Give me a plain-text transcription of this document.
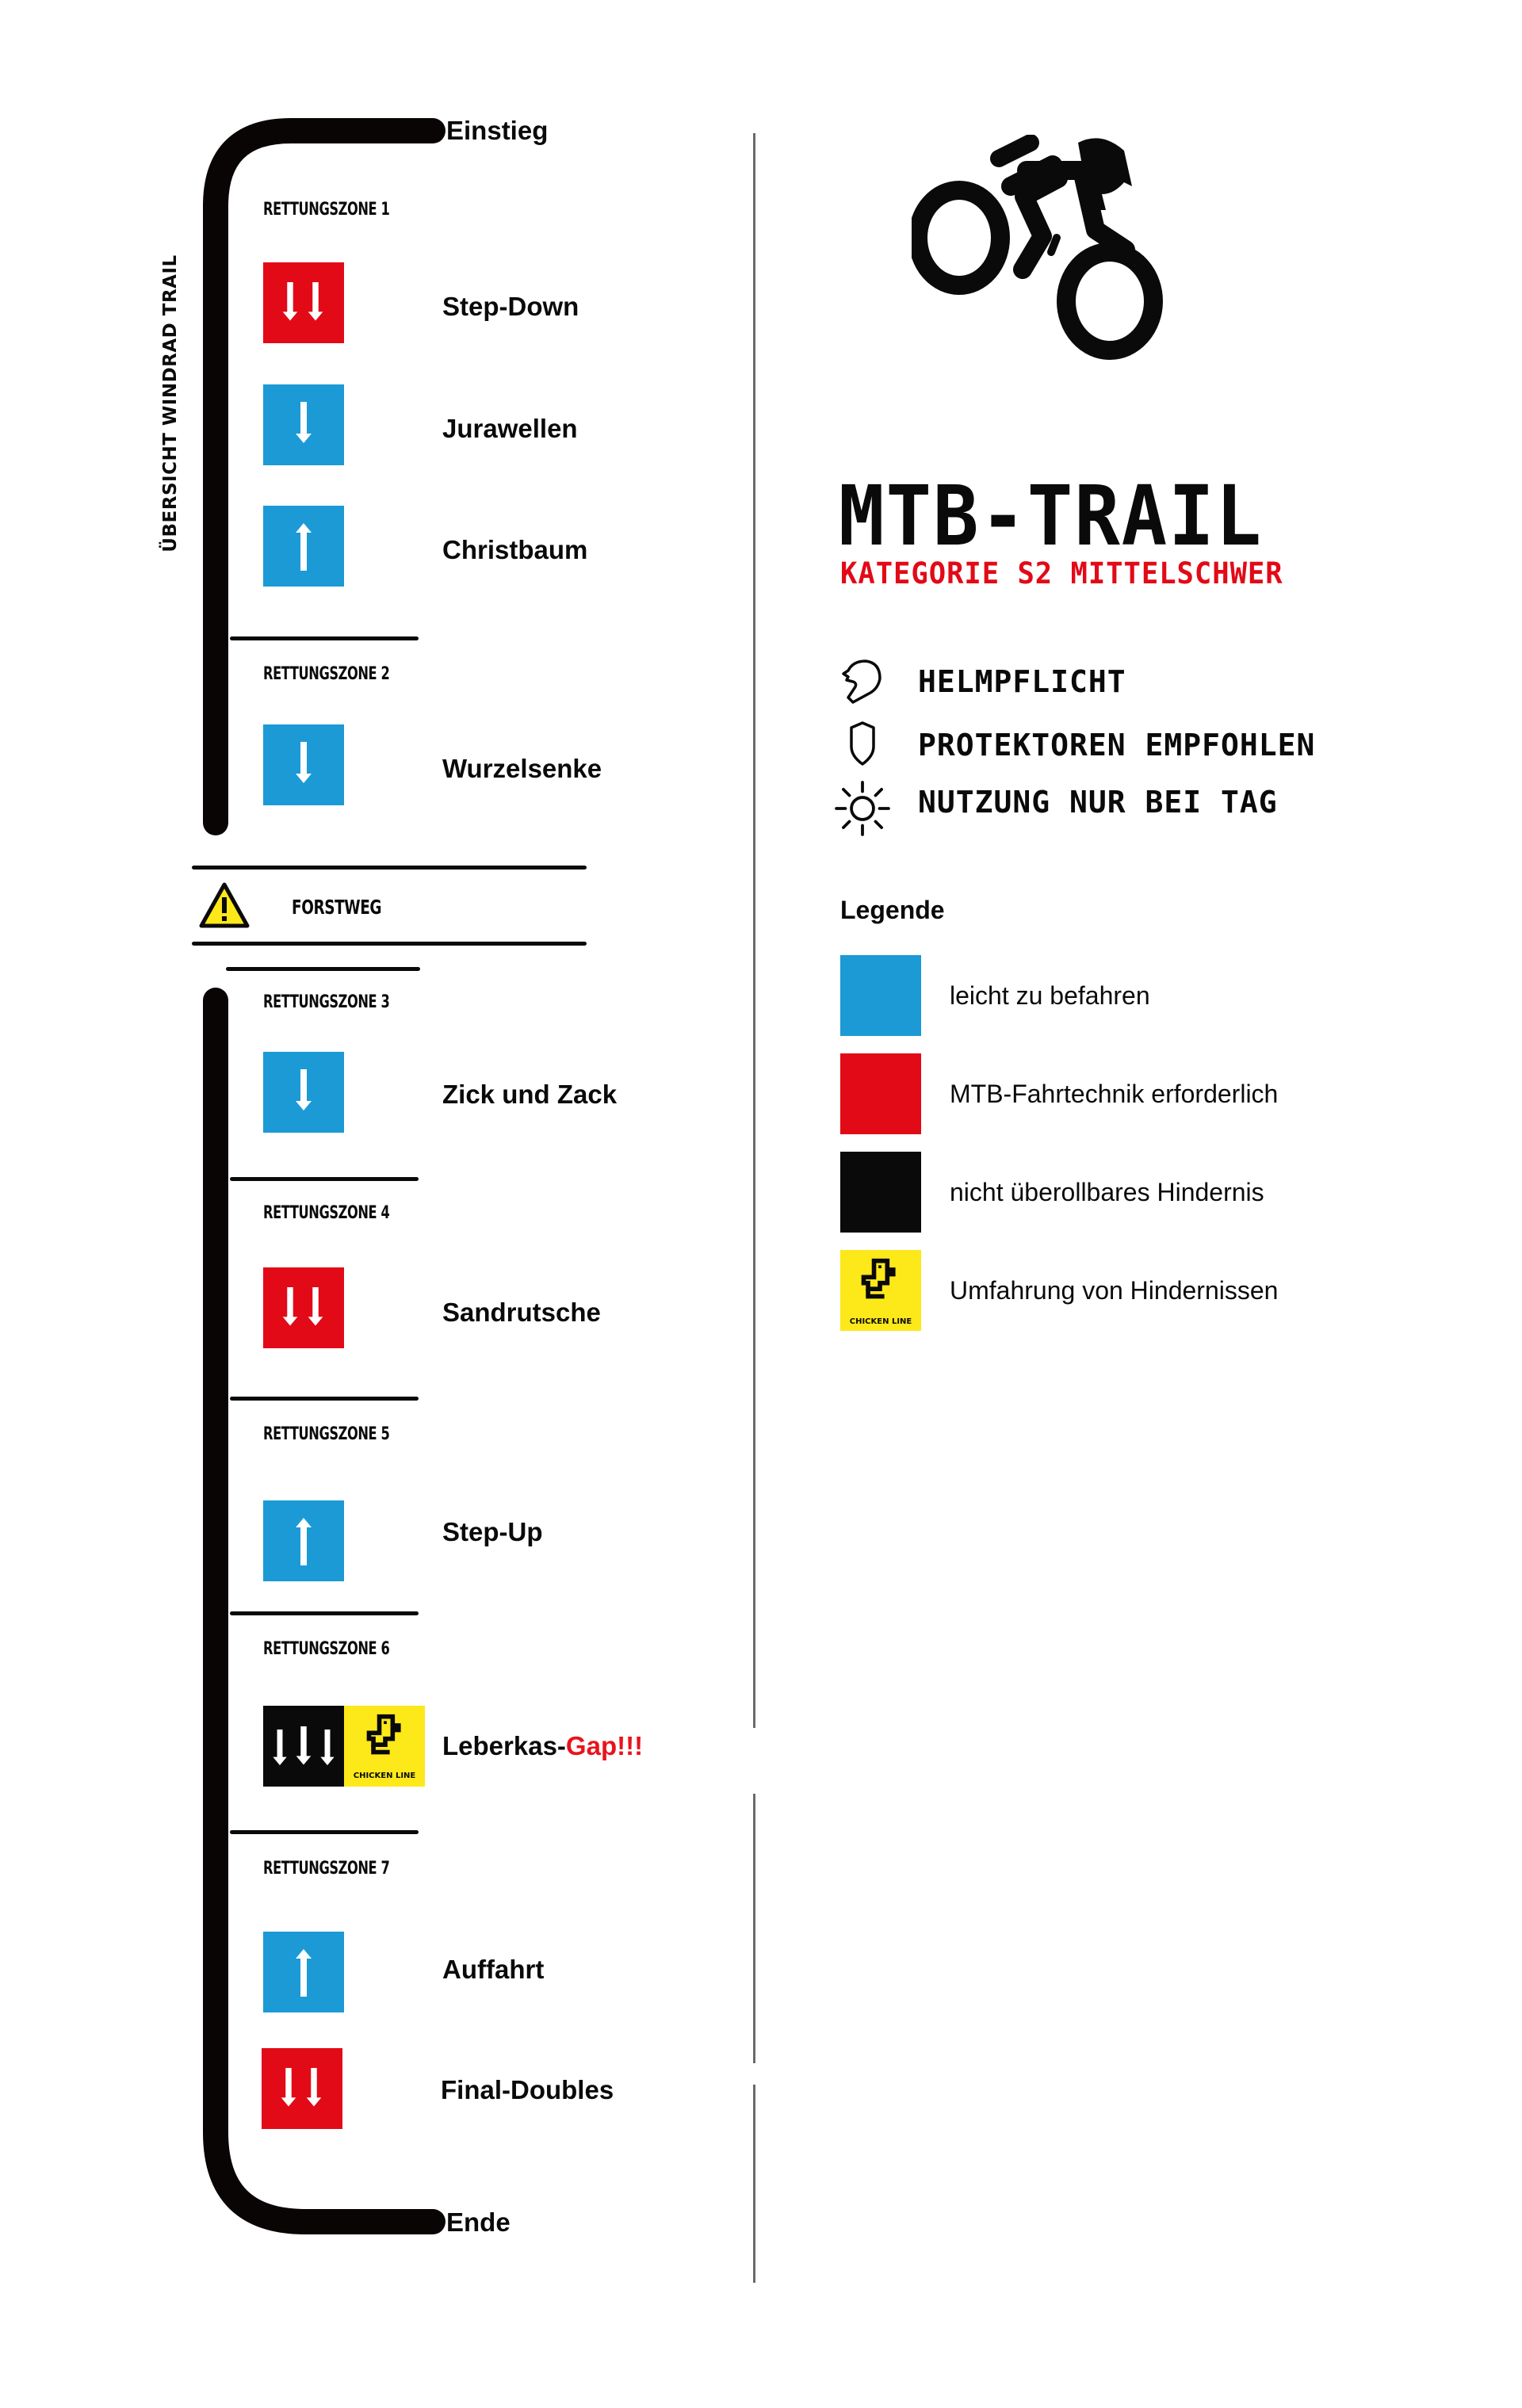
ÜBERSICHT WINDRAD TRAIL
Einstieg
RETTUNGSZONE 1
Step-Down
Jurawellen
Christbaum
RETTUNGSZONE 2
Wurzelsenke
FORSTWEG
RETTUNGSZONE 3
Zick und Zack
RETTUNGSZONE 4
Sandrutsche
RETTUNGSZONE 5
Step-Up
RETTUNGSZONE 6
CHICKEN LINE
Leberkas-Gap!!!
RETTUNGSZONE 7
Auffahrt
Final-Doubles
Ende
MTB-TRAIL
KATEGORIE S2 MITTELSCHWER
HELMPFLICHT
PROTEKTOREN EMPFOHLEN
NUTZUNG NUR BEI TAG
Legende
leicht zu befahren
MTB-Fahrtechnik erforderlich
nicht überollbares Hindernis
CHICKEN LINE
Umfahrung von Hindernissen
